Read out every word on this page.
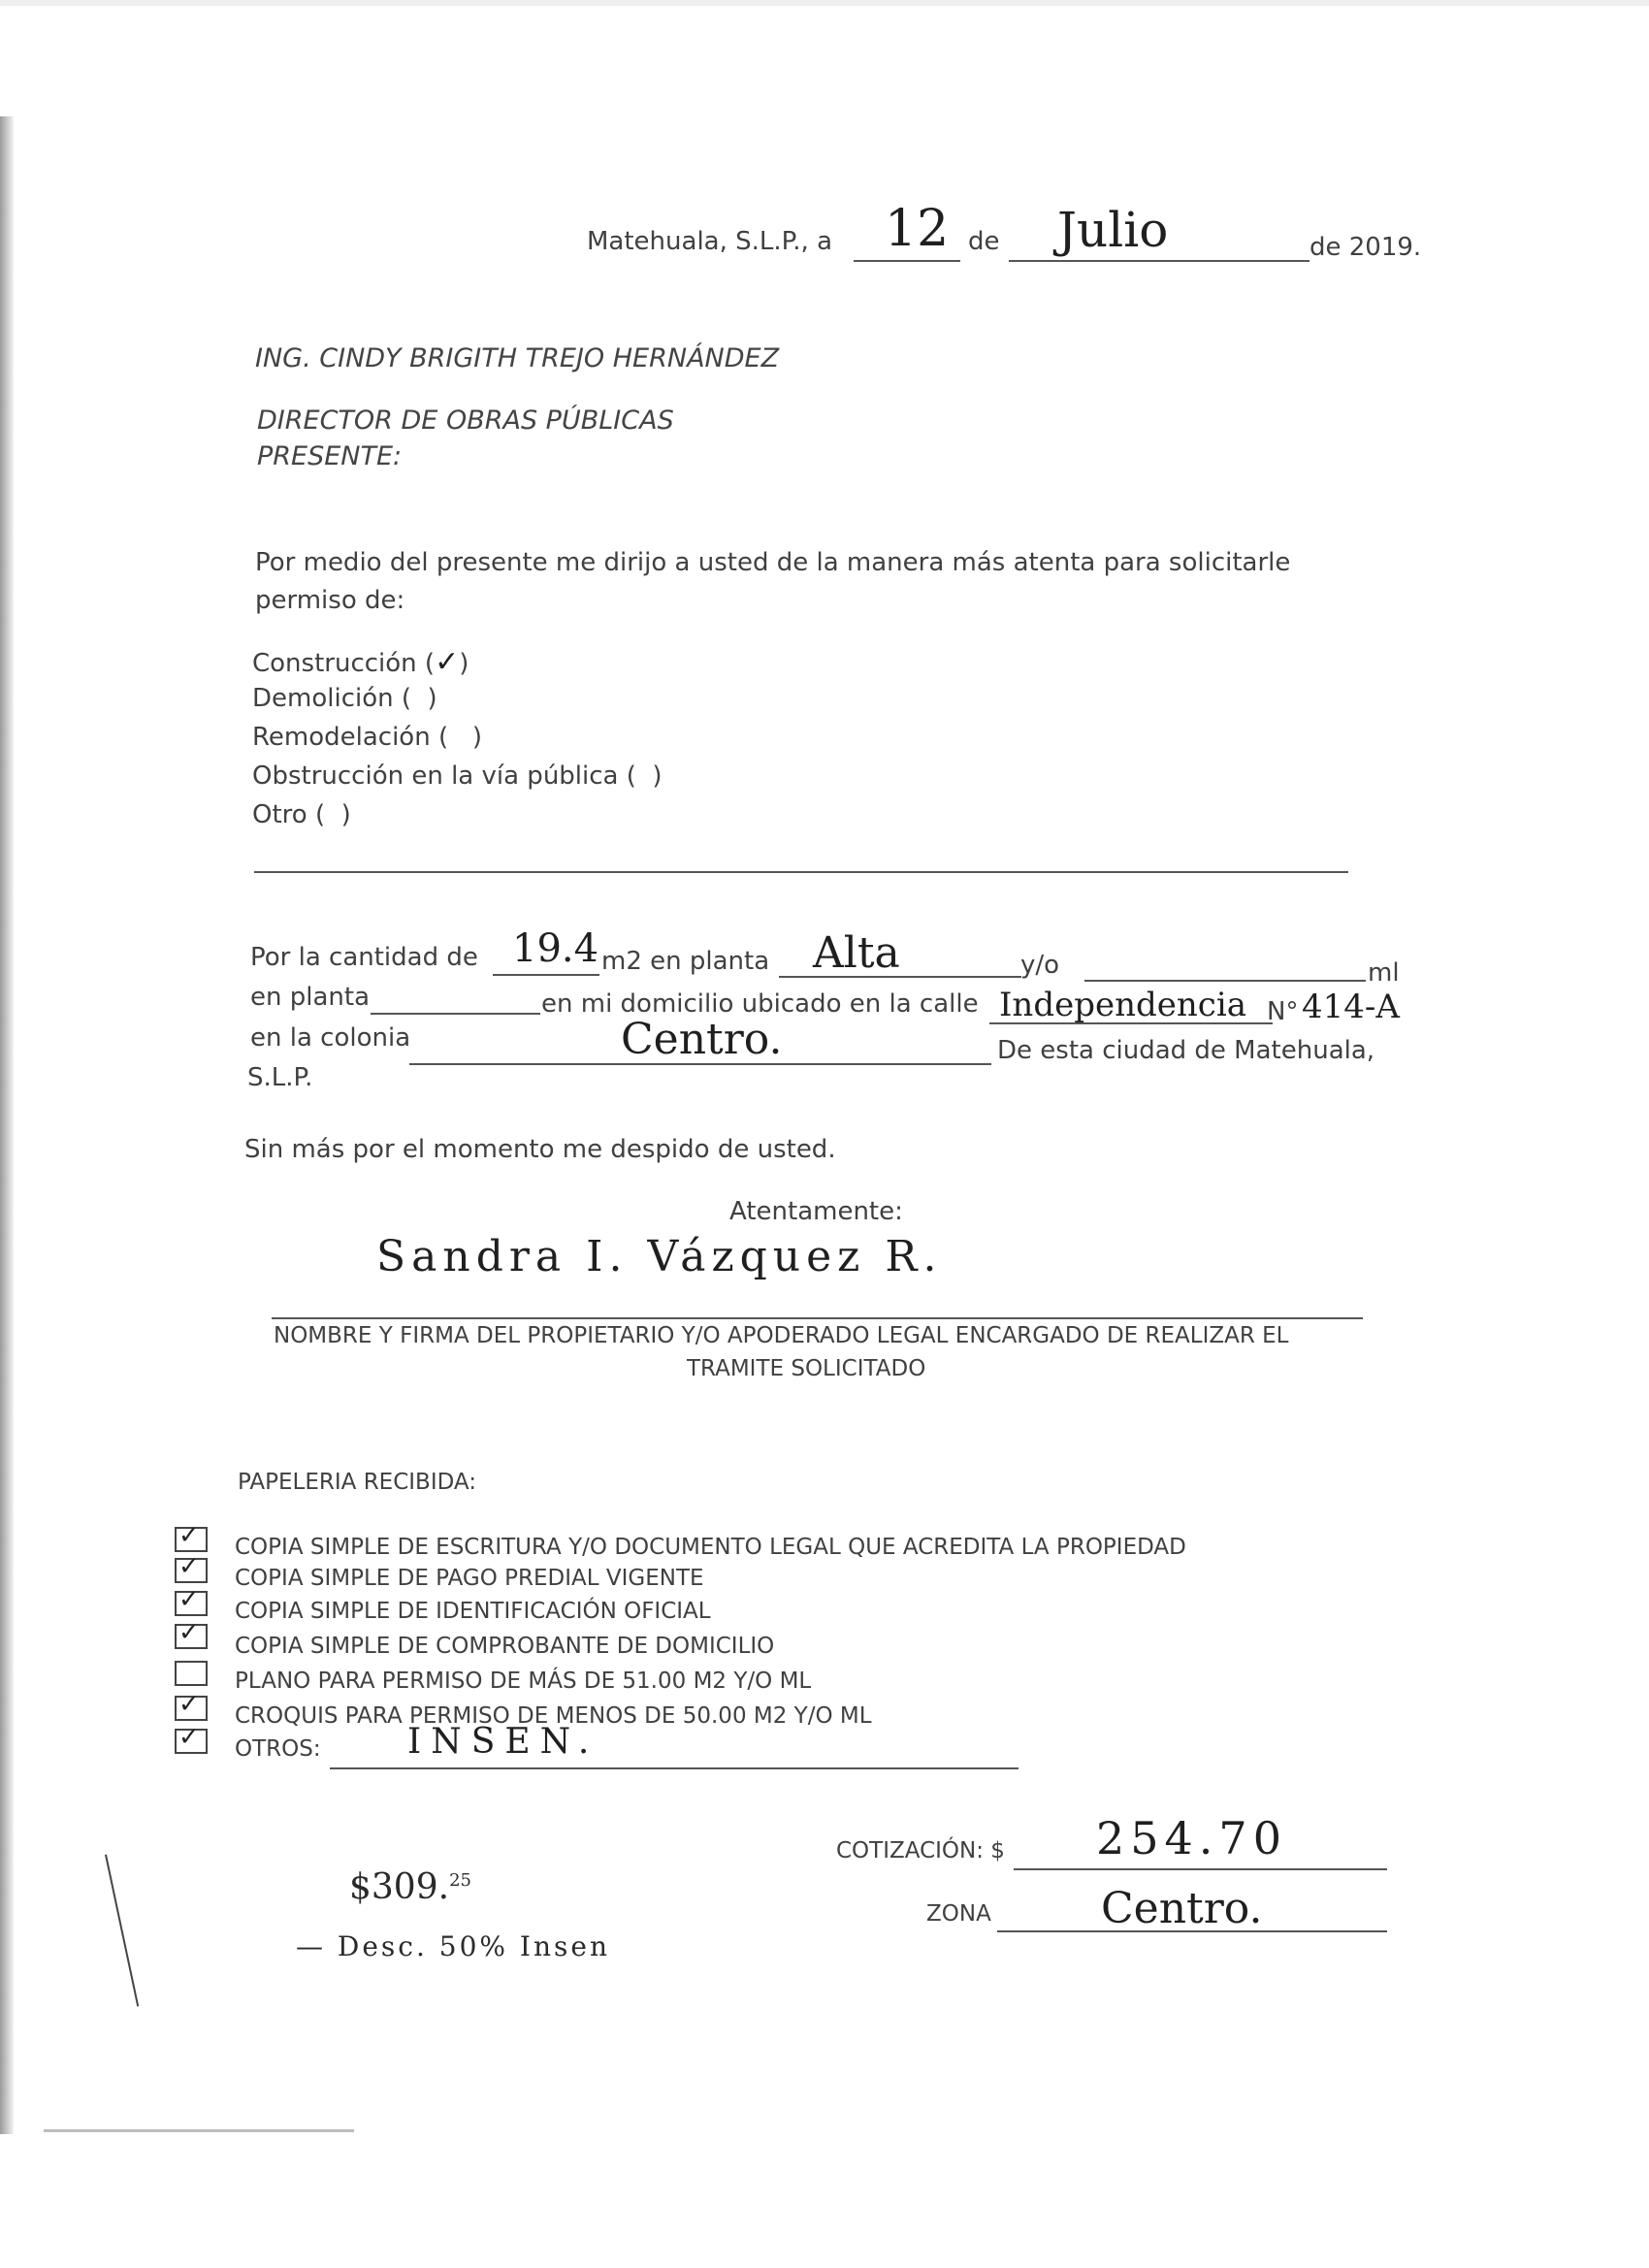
Matehuala, S.L.P., a 12 de Julio	de 2019.
ING. CINDY BRIGITH TREJO HERNÁNDEZ
DIRECTOR DE OBRAS PÚBLICAS
PRESENTE:
Por medio del presente me dirijo a usted de la manera más atenta para solicitarle
permiso de:
Construcción (✓)
Demolición ( )
Remodelación ( )
Obstrucción en la vía pública ( )
Otro ( )
Por la cantidad de 19.4 m2 en planta Alta	y/o	ml
en planta	en mi domicilio ubicado en la calle Independencia N° 414-A
en la colonia	Centro.	De esta ciudad de Matehuala,
S.L.P.
Sin más por el momento me despido de usted.
Atentamente:
Sandra I. Vázquez R.
NOMBRE Y FIRMA DEL PROPIETARIO Y/O APODERADO LEGAL ENCARGADO DE REALIZAR EL
TRAMITE SOLICITADO
PAPELERIA RECIBIDA:
✓ COPIA SIMPLE DE ESCRITURA Y/O DOCUMENTO LEGAL QUE ACREDITA LA PROPIEDAD
✓ COPIA SIMPLE DE PAGO PREDIAL VIGENTE
✓ COPIA SIMPLE DE IDENTIFICACIÓN OFICIAL
✓ COPIA SIMPLE DE COMPROBANTE DE DOMICILIO
PLANO PARA PERMISO DE MÁS DE 51.00 M2 Y/O ML
✓ CROQUIS PARA PERMISO DE MENOS DE 50.00 M2 Y/O ML
✓ OTROS: INSEN.
COTIZACIÓN: $ 254.70
ZONA	Centro.
$309.25
— Desc. 50% Insen
